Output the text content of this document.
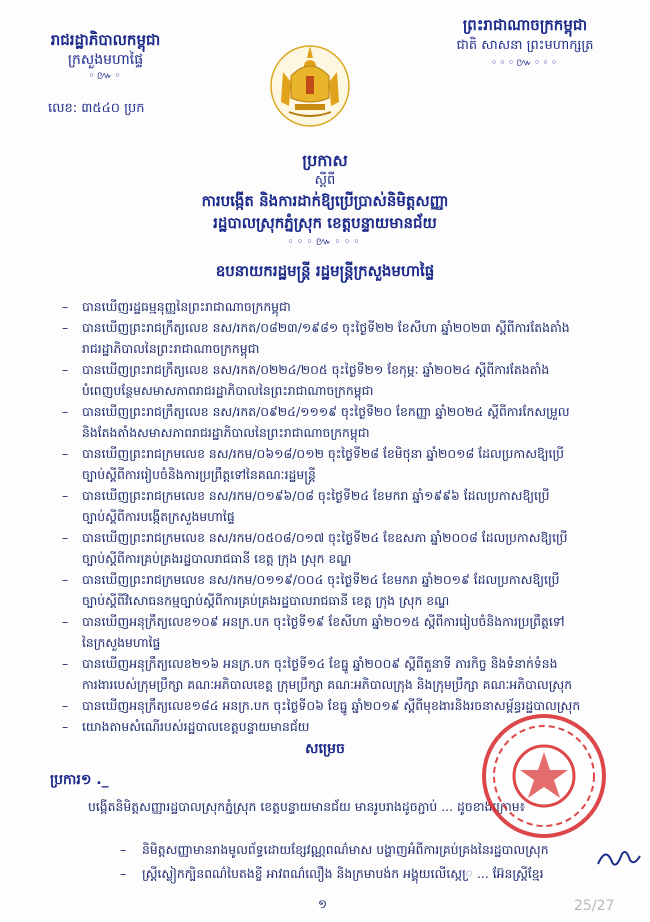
រាជរដ្ឋាភិបាលកម្ពុជា
ក្រសួងមហាផ្ទៃ
◦៚◦
លេខ: ៣៥៤០ ប្រក
ព្រះរាជាណាចក្រកម្ពុជា
ជាតិ សាសនា ព្រះមហាក្សត្រ
◦◦◦៚◦◦◦
ប្រកាស
ស្តីពី
ការបង្កើត និងការដាក់ឱ្យប្រើប្រាស់និមិត្តសញ្ញា
រដ្ឋបាលស្រុកភ្នំស្រុក ខេត្តបន្ទាយមានជ័យ
◦◦◦៚◦◦◦
ឧបនាយករដ្ឋមន្ត្រី រដ្ឋមន្ត្រីក្រសួងមហាផ្ទៃ
– បានឃើញរដ្ឋធម្មនុញ្ញនៃព្រះរាជាណាចក្រកម្ពុជា
– បានឃើញព្រះរាជក្រឹត្យលេខ នស/រកត/០៨២៣/១៩៨១ ចុះថ្ងៃទី២២ ខែសីហា ឆ្នាំ២០២៣ ស្តីពីការតែងតាំង
រាជរដ្ឋាភិបាលនៃព្រះរាជាណាចក្រកម្ពុជា
– បានឃើញព្រះរាជក្រឹត្យលេខ នស/រកត/០២២៤/២០៥ ចុះថ្ងៃទី២១ ខែកុម្ភៈ ឆ្នាំ២០២៤ ស្តីពីការតែងតាំង
បំពេញបន្ថែមសមាសភាពរាជរដ្ឋាភិបាលនៃព្រះរាជាណាចក្រកម្ពុជា
– បានឃើញព្រះរាជក្រឹត្យលេខ នស/រកត/០៩២៤/១១១៩ ចុះថ្ងៃទី២០ ខែកញ្ញា ឆ្នាំ២០២៤ ស្តីពីការកែសម្រួល
និងតែងតាំងសមាសភាពរាជរដ្ឋាភិបាលនៃព្រះរាជាណាចក្រកម្ពុជា
– បានឃើញព្រះរាជក្រមលេខ នស/រកម/០៦១៨/០១២ ចុះថ្ងៃទី២៨ ខែមិថុនា ឆ្នាំ២០១៨ ដែលប្រកាសឱ្យប្រើ
ច្បាប់ស្តីពីការរៀបចំនិងការប្រព្រឹត្តទៅនៃគណៈរដ្ឋមន្ត្រី
– បានឃើញព្រះរាជក្រមលេខ នស/រកម/០១៩៦/០៨ ចុះថ្ងៃទី២៤ ខែមករា ឆ្នាំ១៩៩៦ ដែលប្រកាសឱ្យប្រើ
ច្បាប់ស្តីពីការបង្កើតក្រសួងមហាផ្ទៃ
– បានឃើញព្រះរាជក្រមលេខ នស/រកម/០៥០៨/០១៧ ចុះថ្ងៃទី២៤ ខែឧសភា ឆ្នាំ២០០៨ ដែលប្រកាសឱ្យប្រើ
ច្បាប់ស្តីពីការគ្រប់គ្រងរដ្ឋបាលរាជធានី ខេត្ត ក្រុង ស្រុក ខណ្ឌ
– បានឃើញព្រះរាជក្រមលេខ នស/រកម/០១១៩/០០៤ ចុះថ្ងៃទី២៤ ខែមករា ឆ្នាំ២០១៩ ដែលប្រកាសឱ្យប្រើ
ច្បាប់ស្តីពីវិសោធនកម្មច្បាប់ស្តីពីការគ្រប់គ្រងរដ្ឋបាលរាជធានី ខេត្ត ក្រុង ស្រុក ខណ្ឌ
– បានឃើញអនុក្រឹត្យលេខ១០៩ អនក្រ.បក ចុះថ្ងៃទី១៩ ខែសីហា ឆ្នាំ២០១៥ ស្តីពីការរៀបចំនិងការប្រព្រឹត្តទៅ
នៃក្រសួងមហាផ្ទៃ
– បានឃើញអនុក្រឹត្យលេខ២១៦ អនក្រ.បក ចុះថ្ងៃទី១៤ ខែធ្នូ ឆ្នាំ២០០៩ ស្តីពីតួនាទី ភារកិច្ច និងទំនាក់ទំនង
ការងារបេស់ក្រុមប្រឹក្សា គណៈអភិបាលខេត្ត ក្រុមប្រឹក្សា គណៈអភិបាលក្រុង និងក្រុមប្រឹក្សា គណៈអភិបាលស្រុក
– បានឃើញអនុក្រឹត្យលេខ១៨៤ អនក្រ.បក ចុះថ្ងៃទី០៦ ខែធ្នូ ឆ្នាំ២០១៩ ស្តីពីមុខងារនិងរចនាសម្ព័ន្ធរដ្ឋបាលស្រុក
– យោងតាមសំណើរបស់រដ្ឋបាលខេត្តបន្ទាយមានជ័យ
សម្រេច
ប្រការ១ ._
បង្កើតនិមិត្តសញ្ញារដ្ឋបាលស្រុកភ្នំស្រុក ខេត្តបន្ទាយមានជ័យ មានរូបរាងដូចភ្ជាប់ ... ដូចខាងក្រោម៖
– និមិត្តសញ្ញាមានរាងមូលព័ទ្ធដោយខ្សែវណ្ណពណ៌មាស បង្ហាញអំពីការគ្រប់គ្រងនៃរដ្ឋបាលស្រុក
– ស្រ្តីស្លៀកក្បិនពណ៌បៃតងខ្ចី អាវពណ៌លឿង និងក្រមាបង់ក អង្គុយលើសេ្ក្រ ... អ៊ែនស្រ្តីខ្មែរ
១	25/27
